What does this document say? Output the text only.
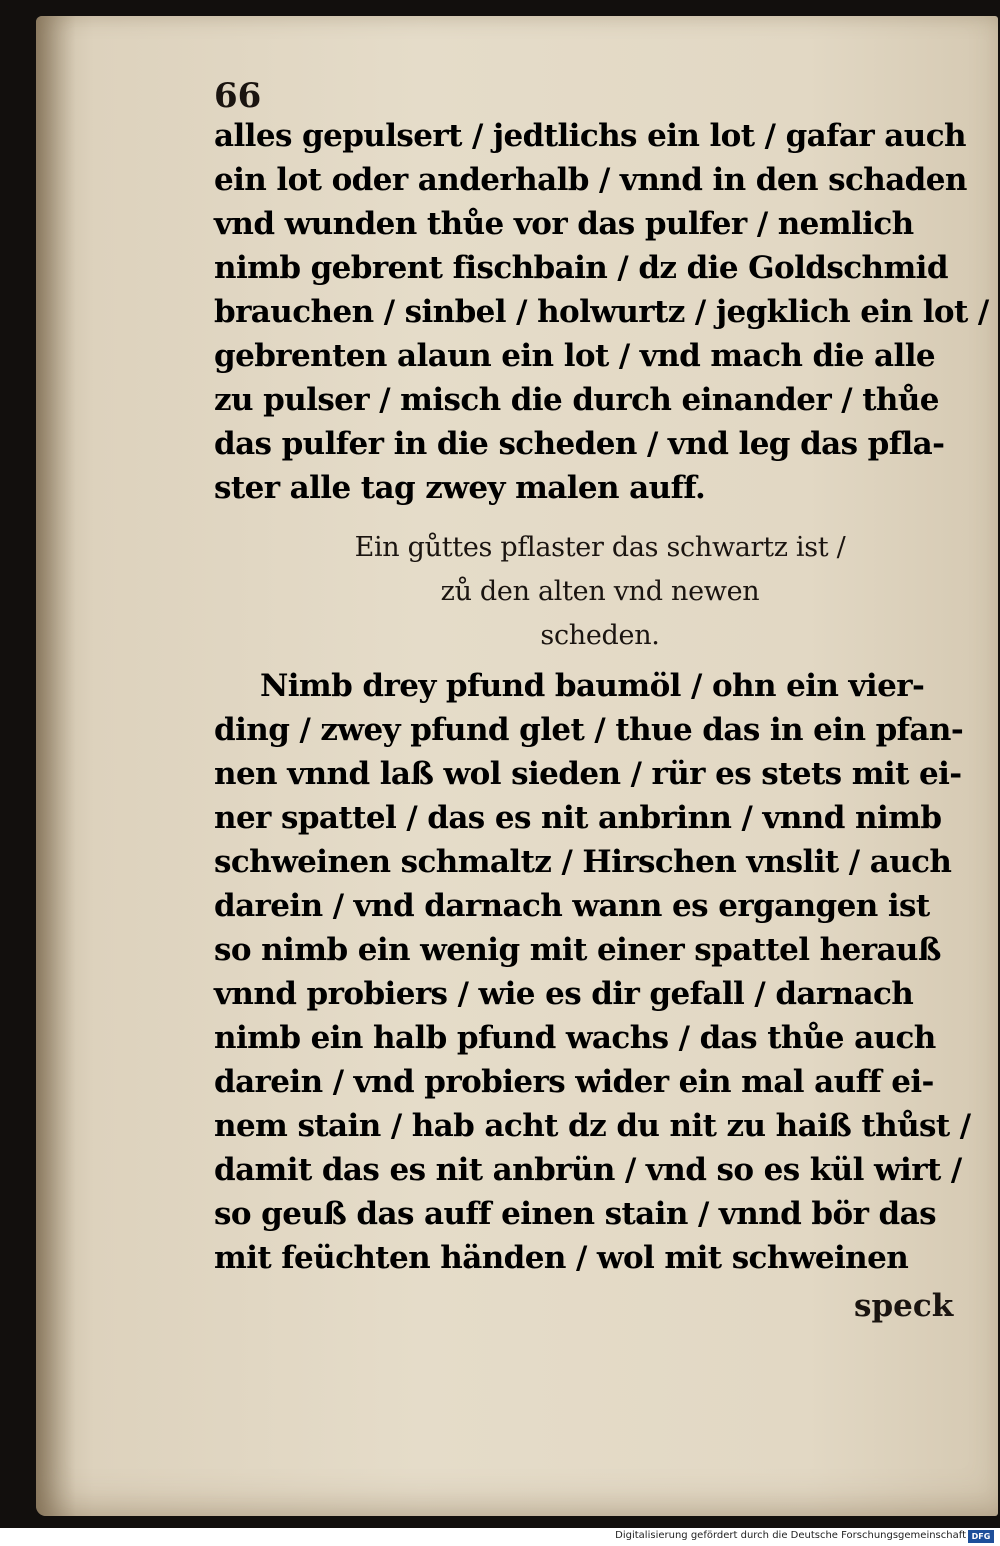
66
alles gepulsert / jedtlichs ein lot / gafar auch
ein lot oder anderhalb / vnnd in den schaden
vnd wunden thůe vor das pulfer / nemlich
nimb gebrent fischbain / dz die Goldschmid
brauchen / sinbel / holwurtz / jegklich ein lot /
gebrenten alaun ein lot / vnd mach die alle
zu pulser / misch die durch einander / thůe
das pulfer in die scheden / vnd leg das pfla-
ster alle tag zwey malen auff.
Ein gůttes pflaster das schwartz ist /
zů den alten vnd newen
scheden.
Nimb drey pfund baumöl / ohn ein vier-
ding / zwey pfund glet / thue das in ein pfan-
nen vnnd laß wol sieden / rür es stets mit ei-
ner spattel / das es nit anbrinn / vnnd nimb
schweinen schmaltz / Hirschen vnslit / auch
darein / vnd darnach wann es ergangen ist
so nimb ein wenig mit einer spattel herauß
vnnd probiers / wie es dir gefall / darnach
nimb ein halb pfund wachs / das thůe auch
darein / vnd probiers wider ein mal auff ei-
nem stain / hab acht dz du nit zu haiß thůst /
damit das es nit anbrün / vnd so es kül wirt /
so geuß das auff einen stain / vnnd bör das
mit feüchten händen / wol mit schweinen
speck
Digitalisierung gefördert durch die Deutsche Forschungsgemeinschaft DFG
